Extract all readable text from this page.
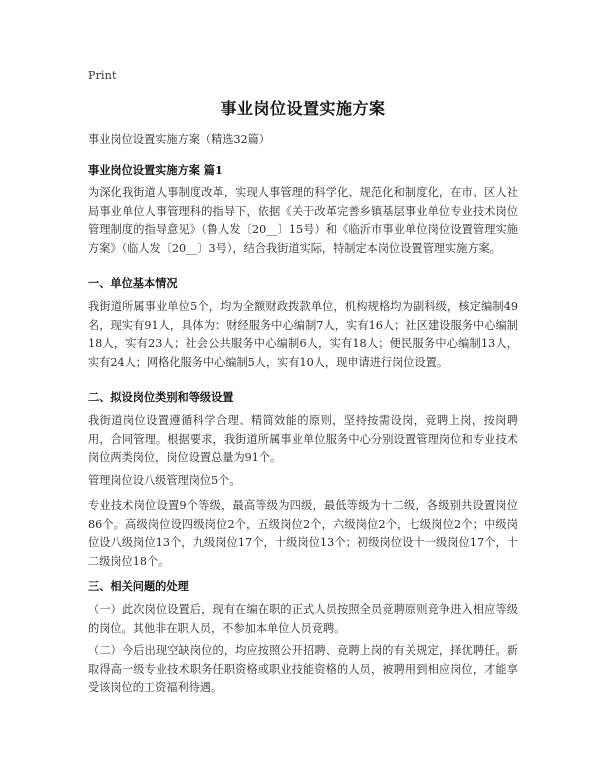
Print
事业岗位设置实施方案
事业岗位设置实施方案（精选32篇）
事业岗位设置实施方案 篇1
为深化我街道人事制度改革，实现人事管理的科学化、规范化和制度化，在市、区人社局事业单位人事管理科的指导下，依据《关于改革完善乡镇基层事业单位专业技术岗位管理制度的指导意见》（鲁人发〔20__〕15号）和《临沂市事业单位岗位设置管理实施方案》（临人发〔20__〕3号），结合我街道实际，特制定本岗位设置管理实施方案。
一、单位基本情况
我街道所属事业单位5个，均为全额财政拨款单位，机构规格均为副科级，核定编制49名，现实有91人，具体为：财经服务中心编制7人，实有16人；社区建设服务中心编制18人，实有23人；社会公共服务中心编制6人，实有18人；便民服务中心编制13人，实有24人；网格化服务中心编制5人，实有10人，现申请进行岗位设置。
二、拟设岗位类别和等级设置
我街道岗位设置遵循科学合理、精简效能的原则，坚持按需设岗，竞聘上岗，按岗聘用，合同管理。根据要求，我街道所属事业单位服务中心分别设置管理岗位和专业技术岗位两类岗位，岗位设置总量为91个。
管理岗位设八级管理岗位5个。
专业技术岗位设置9个等级，最高等级为四级，最低等级为十二级，各级别共设置岗位86个。高级岗位设四级岗位2个，五级岗位2个，六级岗位2个，七级岗位2个；中级岗位设八级岗位13个，九级岗位17个，十级岗位13个；初级岗位设十一级岗位17个，十二级岗位18个。
三、相关问题的处理
（一）此次岗位设置后，现有在编在职的正式人员按照全员竞聘原则竞争进入相应等级的岗位。其他非在职人员，不参加本单位人员竞聘。
（二）今后出现空缺岗位的，均应按照公开招聘、竞聘上岗的有关规定，择优聘任。新取得高一级专业技术职务任职资格或职业技能资格的人员，被聘用到相应岗位，才能享受该岗位的工资福利待遇。
